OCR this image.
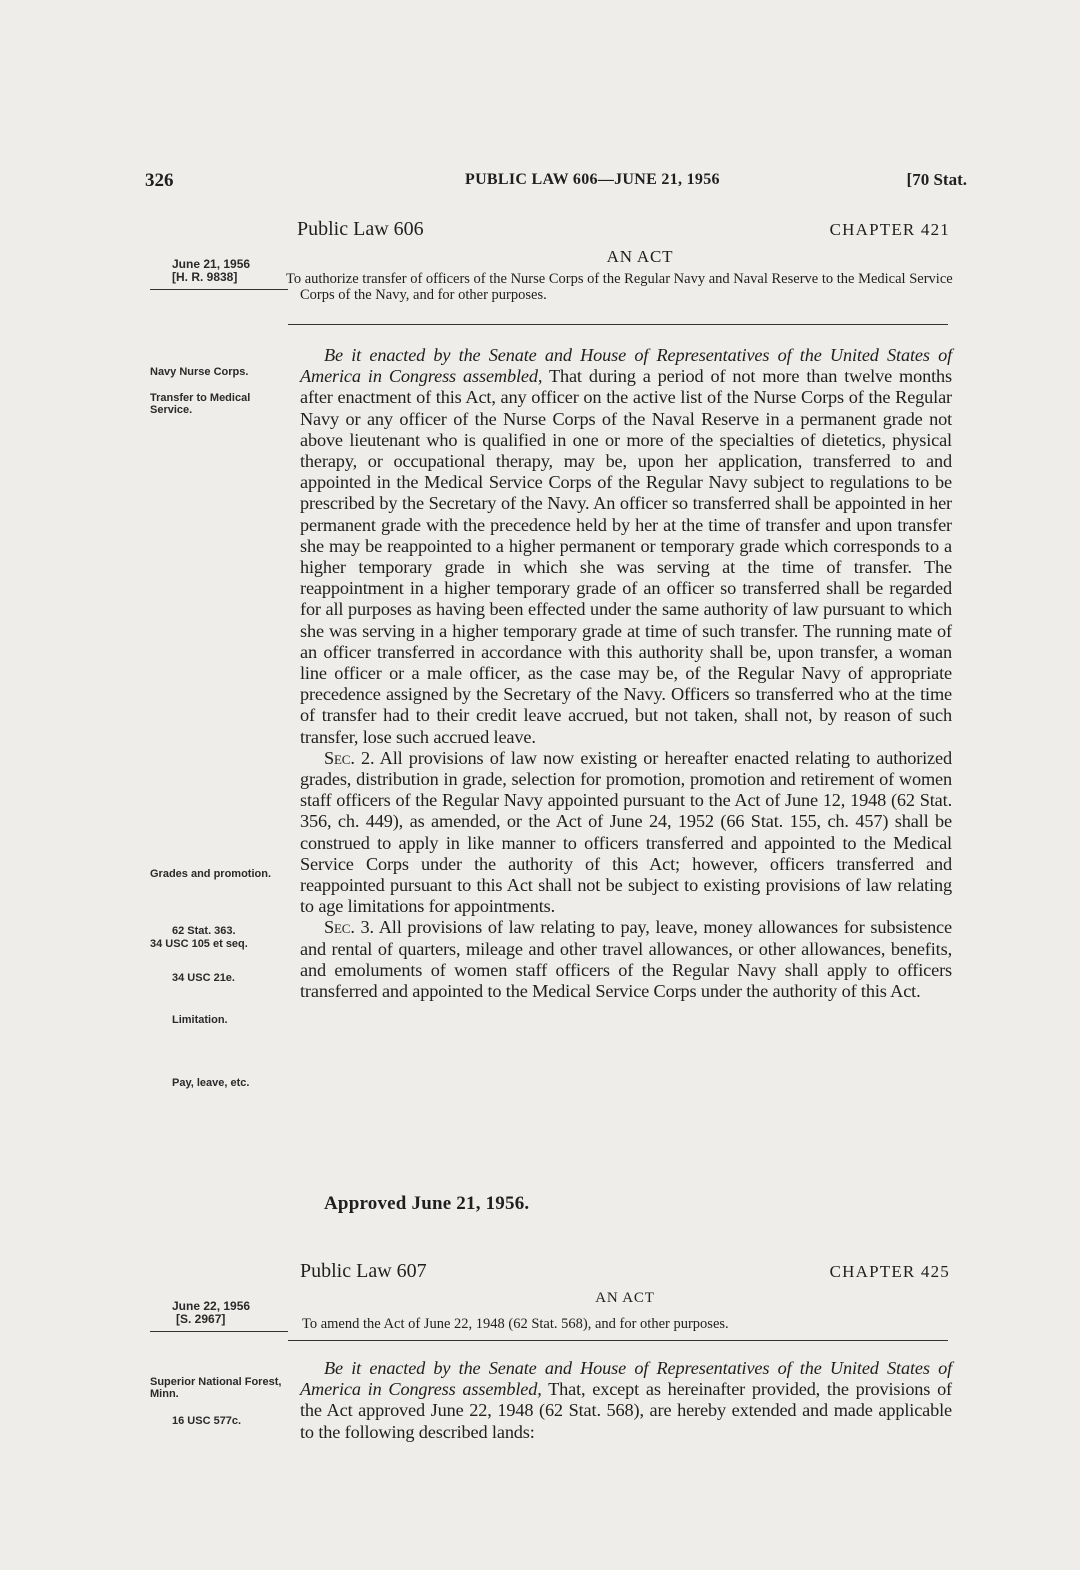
326	PUBLIC LAW 606—JUNE 21, 1956	[70 Stat.
Public Law 606	CHAPTER 421
AN ACT
June 21, 1956
[H. R. 9838]	To authorize transfer of officers of the Nurse Corps of the Regular Navy and Naval Reserve to the Medical Service Corps of the Navy, and for other purposes.

Be it enacted by the Senate and House of Representatives of the United States of America in Congress assembled, That during a period of not more than twelve months after enactment of this Act, any officer on the active list of the Nurse Corps of the Regular Navy or any officer of the Nurse Corps of the Naval Reserve in a permanent grade not above lieutenant who is qualified in one or more of the specialties of dietetics, physical therapy, or occupational therapy, may be, upon her application, transferred to and appointed in the Medical Service Corps of the Regular Navy subject to regulations to be prescribed by the Secretary of the Navy. An officer so transferred shall be appointed in her permanent grade with the precedence held by her at the time of transfer and upon transfer she may be reappointed to a higher permanent or temporary grade which corresponds to a higher temporary grade in which she was serving at the time of transfer. The reappointment in a higher temporary grade of an officer so transferred shall be regarded for all purposes as having been effected under the same authority of law pursuant to which she was serving in a higher temporary grade at time of such transfer. The running mate of an officer transferred in accordance with this authority shall be, upon transfer, a woman line officer or a male officer, as the case may be, of the Regular Navy of appropriate precedence assigned by the Secretary of the Navy. Officers so transferred who at the time of transfer had to their credit leave accrued, but not taken, shall not, by reason of such transfer, lose such accrued leave.

Sec. 2. All provisions of law now existing or hereafter enacted relating to authorized grades, distribution in grade, selection for promotion, promotion and retirement of women staff officers of the Regular Navy appointed pursuant to the Act of June 12, 1948 (62 Stat. 356, ch. 449), as amended, or the Act of June 24, 1952 (66 Stat. 155, ch. 457) shall be construed to apply in like manner to officers transferred and appointed to the Medical Service Corps under the authority of this Act; however, officers transferred and reappointed pursuant to this Act shall not be subject to existing provisions of law relating to age limitations for appointments.

Sec. 3. All provisions of law relating to pay, leave, money allowances for subsistence and rental of quarters, mileage and other travel allowances, or other allowances, benefits, and emoluments of women staff officers of the Regular Navy shall apply to officers transferred and appointed to the Medical Service Corps under the authority of this Act.

Approved June 21, 1956.
Navy Nurse Corps.
Transfer to Medical Service.
Grades and promotion.
62 Stat. 363.
34 USC 105 et seq.
34 USC 21e.
Limitation.
Pay, leave, etc.
Public Law 607	CHAPTER 425
AN ACT
June 22, 1956
[S. 2967]	To amend the Act of June 22, 1948 (62 Stat. 568), and for other purposes.

Be it enacted by the Senate and House of Representatives of the United States of America in Congress assembled, That, except as hereinafter provided, the provisions of the Act approved June 22, 1948 (62 Stat. 568), are hereby extended and made applicable to the following described lands:

Superior National Forest, Minn.
16 USC 577c.
